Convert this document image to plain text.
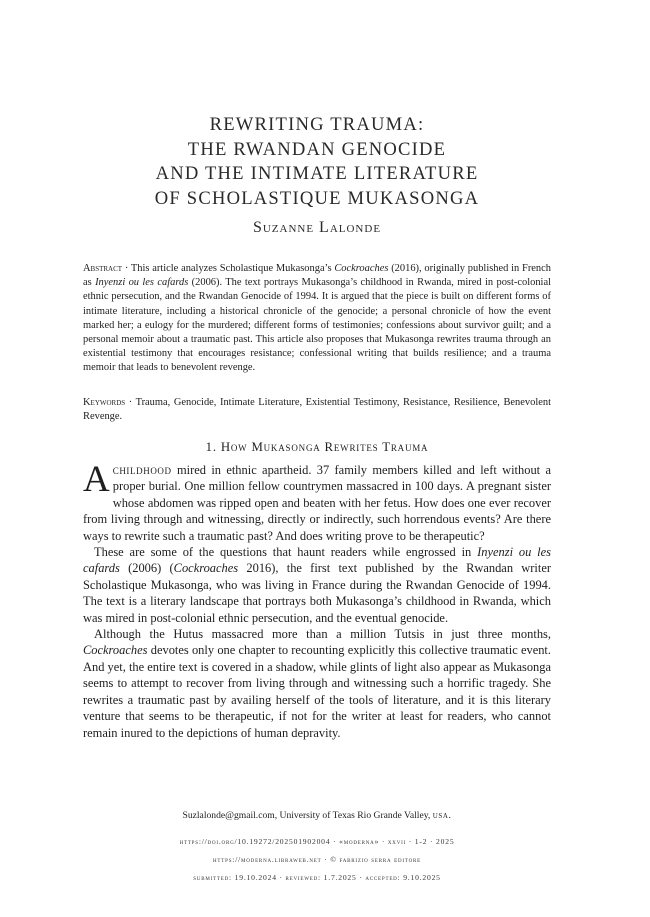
REWRITING TRAUMA:
THE RWANDAN GENOCIDE
AND THE INTIMATE LITERATURE
OF SCHOLASTIQUE MUKASONGA
Suzanne Lalonde
Abstract · This article analyzes Scholastique Mukasonga’s Cockroaches (2016), originally published in French as Inyenzi ou les cafards (2006). The text portrays Mukasonga’s childhood in Rwanda, mired in post-colonial ethnic persecution, and the Rwandan Genocide of 1994. It is argued that the piece is built on different forms of intimate literature, including a historical chronicle of the genocide; a personal chronicle of how the event marked her; a eulogy for the murdered; different forms of testimonies; confessions about survivor guilt; and a personal memoir about a traumatic past. This article also proposes that Mukasonga rewrites trauma through an existential testimony that encourages resistance; confessional writing that builds resilience; and a trauma memoir that leads to benevolent revenge.
Keywords · Trauma, Genocide, Intimate Literature, Existential Testimony, Resistance, Resilience, Benevolent Revenge.
1. How Mukasonga Rewrites Trauma

Achildhood mired in ethnic apartheid. 37 family members killed and left without a proper burial. One million fellow countrymen massacred in 100 days. A pregnant sister whose abdomen was ripped open and beaten with her fetus. How does one ever recover from living through and witnessing, directly or indirectly, such horrendous events? Are there ways to rewrite such a traumatic past? And does writing prove to be therapeutic?

These are some of the questions that haunt readers while engrossed in Inyenzi ou les cafards (2006) (Cockroaches 2016), the first text published by the Rwandan writer Scholastique Mukasonga, who was living in France during the Rwandan Genocide of 1994. The text is a literary landscape that portrays both Mukasonga’s childhood in Rwanda, which was mired in post-colonial ethnic persecution, and the eventual genocide.

Although the Hutus massacred more than a million Tutsis in just three months, Cockroaches devotes only one chapter to recounting explicitly this collective traumatic event. And yet, the entire text is covered in a shadow, while glints of light also appear as Mukasonga seems to attempt to recover from living through and witnessing such a horrific tragedy. She rewrites a traumatic past by availing herself of the tools of literature, and it is this literary venture that seems to be therapeutic, if not for the writer at least for readers, who cannot remain inured to the depictions of human depravity.

Suzlalonde@gmail.com, University of Texas Rio Grande Valley, usa.
https://doi.org/10.19272/202501902004 · «moderna» · xxvii · 1-2 · 2025
https://moderna.libraweb.net · © fabrizio serra editore
submitted: 19.10.2024 · reviewed: 1.7.2025 · accepted: 9.10.2025
